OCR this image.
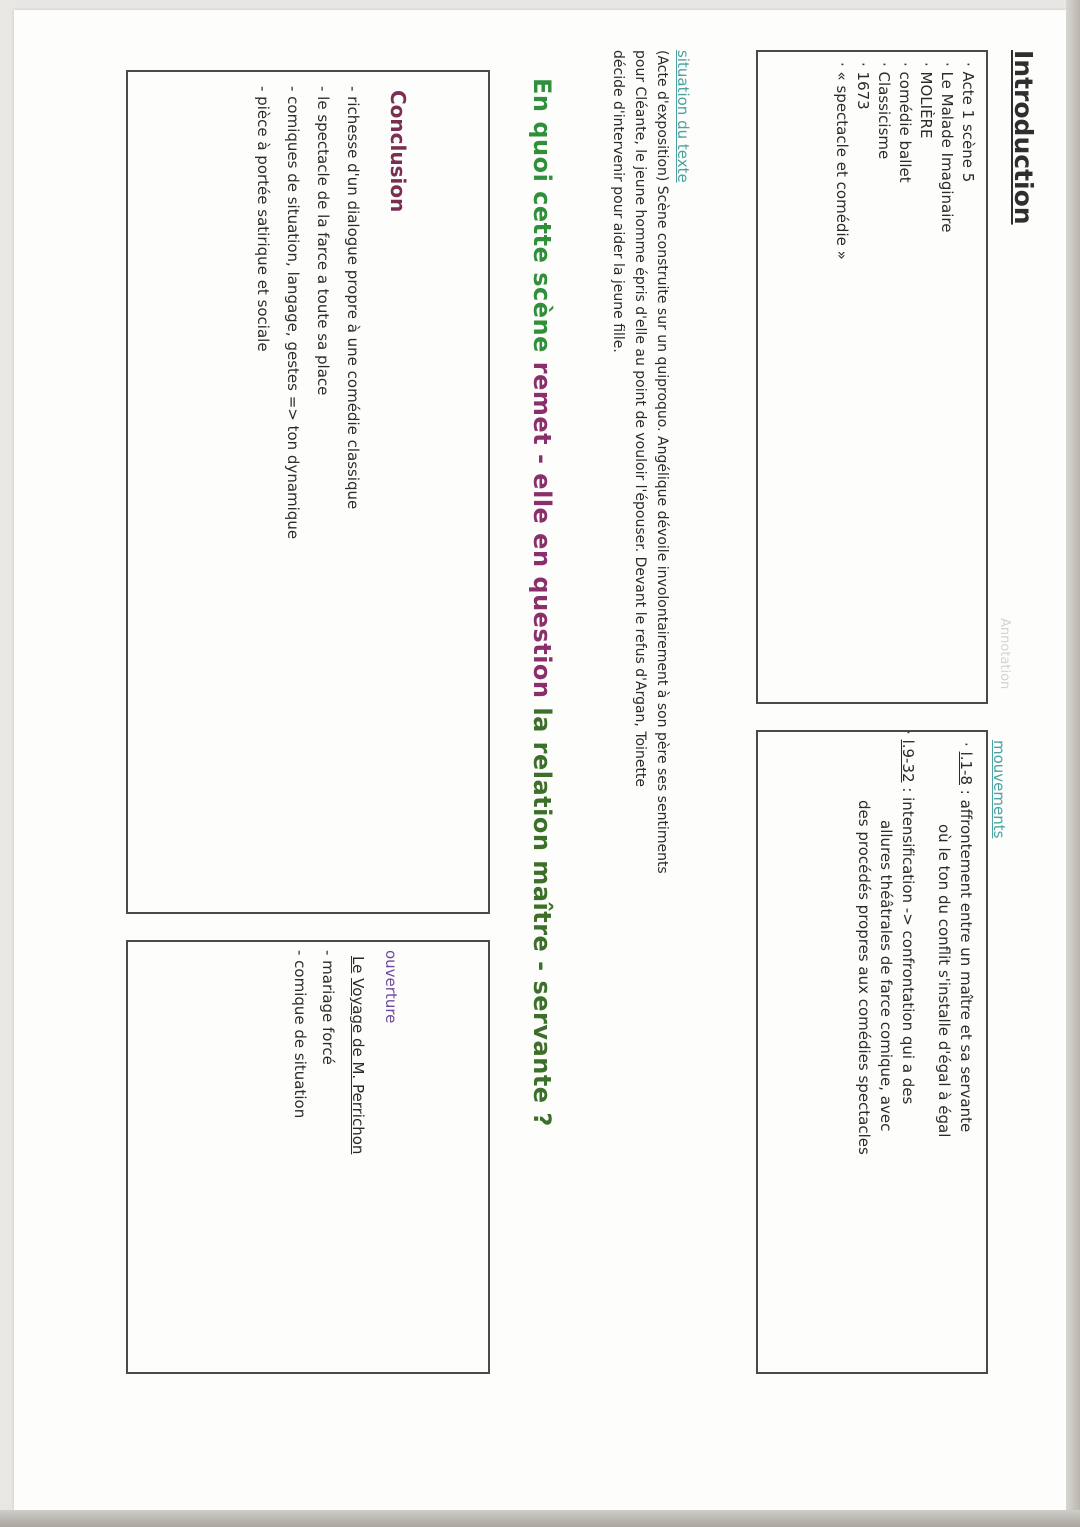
Introduction
· Acte 1 scène 5
· Le Malade Imaginaire
· MOLIÈRE
· comédie ballet
· Classicisme
· 1673
· « spectacle et comédie »
Annotation
mouvements
· l.1-8 : affrontement entre un maître et sa servante
où le ton du conflit s'installe d'égal à égal
· l.9-32 : intensification -> confrontation qui a des
allures théâtrales de farce comique, avec
des procédés propres aux comédies spectacles
situation du texte
(Acte d'exposition) Scène construite sur un quiproquo. Angélique dévoile involontairement à son père ses sentiments
pour Cléante, le jeune homme épris d'elle au point de vouloir l'épouser. Devant le refus d'Argan, Toinette
décide d'intervenir pour aider la jeune fille.
En quoi cette scène remet - elle en question la relation maître - servante ?
Conclusion
- richesse d'un dialogue propre à une comédie classique
- le spectacle de la farce a toute sa place
- comiques de situation, langage, gestes => ton dynamique
- pièce à portée satirique et sociale
ouverture
Le Voyage de M. Perrichon
- mariage forcé
- comique de situation
